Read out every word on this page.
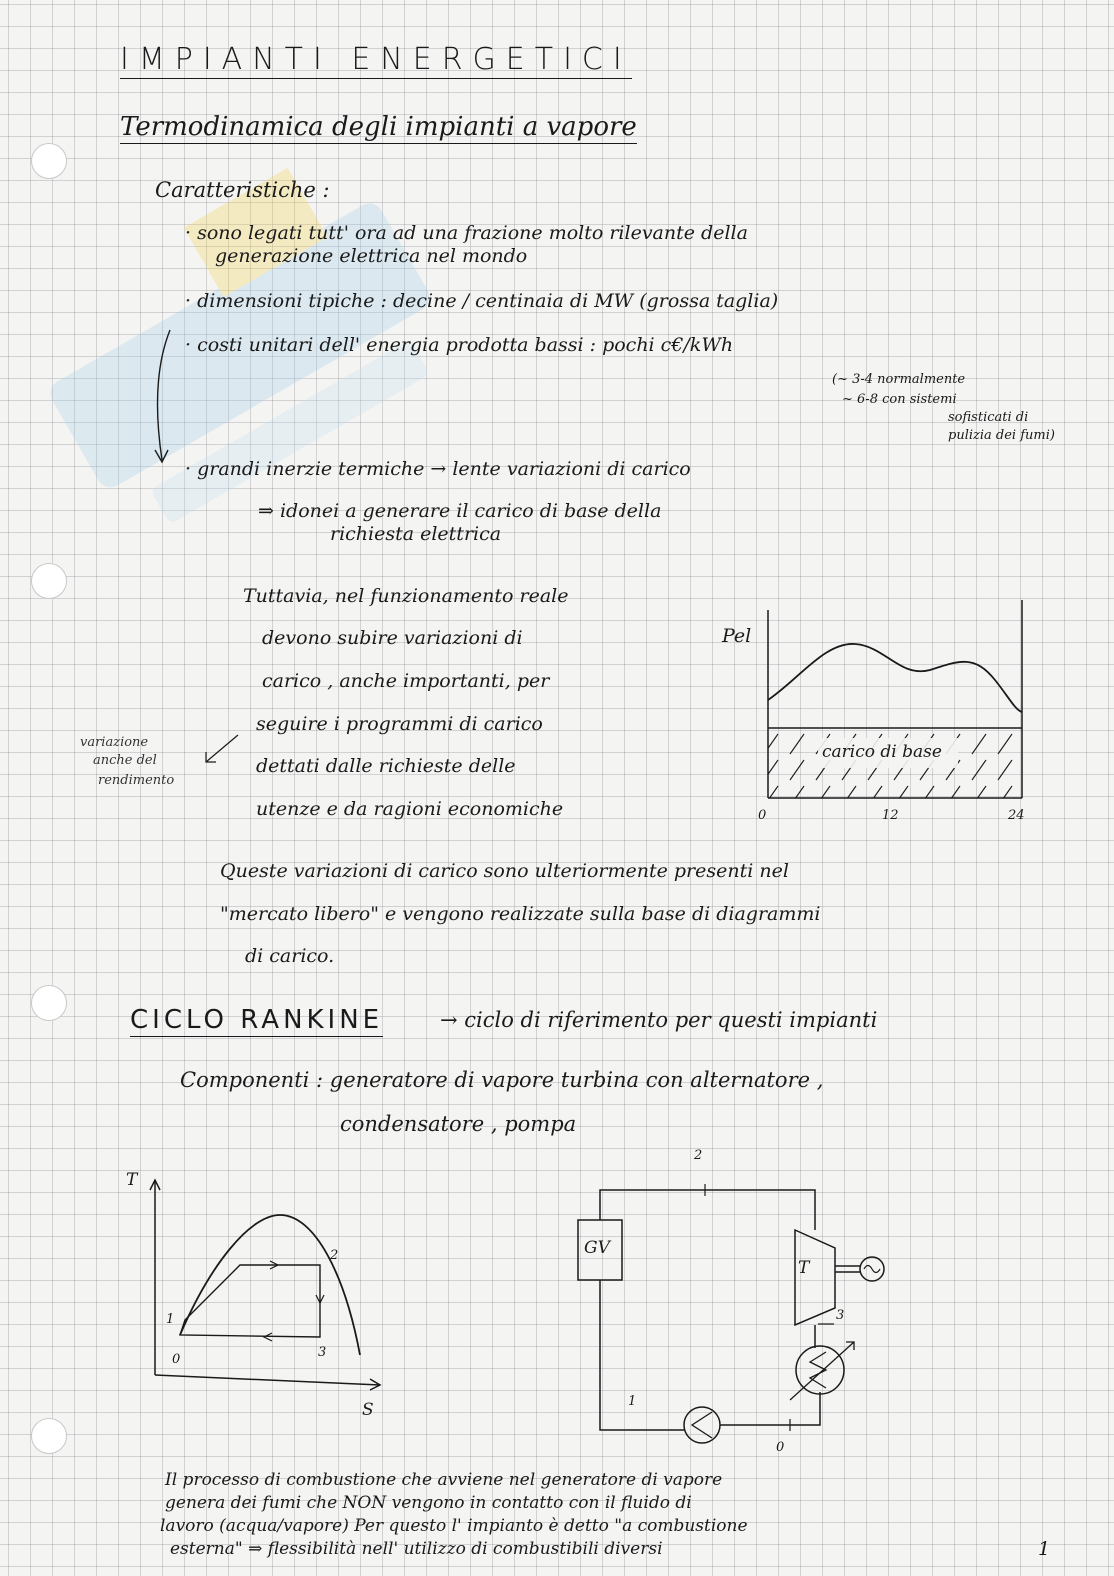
IMPIANTI ENERGETICI
Termodinamica degli impianti a vapore
Caratteristiche :
· sono legati tutt' ora ad una frazione molto rilevante della
generazione elettrica nel mondo
· dimensioni tipiche : decine / centinaia di MW (grossa taglia)
· costi unitari dell' energia prodotta bassi : pochi c€/kWh
(~ 3-4 normalmente
~ 6-8 con sistemi
sofisticati di
pulizia dei fumi)
· grandi inerzie termiche → lente variazioni di carico
⇒ idonei a generare il carico di base della
richiesta elettrica
Tuttavia, nel funzionamento reale
devono subire variazioni di
carico , anche importanti, per
seguire i programmi di carico
dettati dalle richieste delle
utenze e da ragioni economiche
variazione
anche del
rendimento
Pel
carico di base
0	12	24
Queste variazioni di carico sono ulteriormente presenti nel
"mercato libero" e vengono realizzate sulla base di diagrammi
di carico.
CICLO RANKINE	→ ciclo di riferimento per questi impianti
Componenti : generatore di vapore turbina con alternatore ,
condensatore , pompa
T
S
0
1
2
3
GV
T
0
1
2
3
Il processo di combustione che avviene nel generatore di vapore
genera dei fumi che NON vengono in contatto con il fluido di
lavoro (acqua/vapore) Per questo l' impianto è detto "a combustione
esterna" ⇒ flessibilità nell' utilizzo di combustibili diversi	1
